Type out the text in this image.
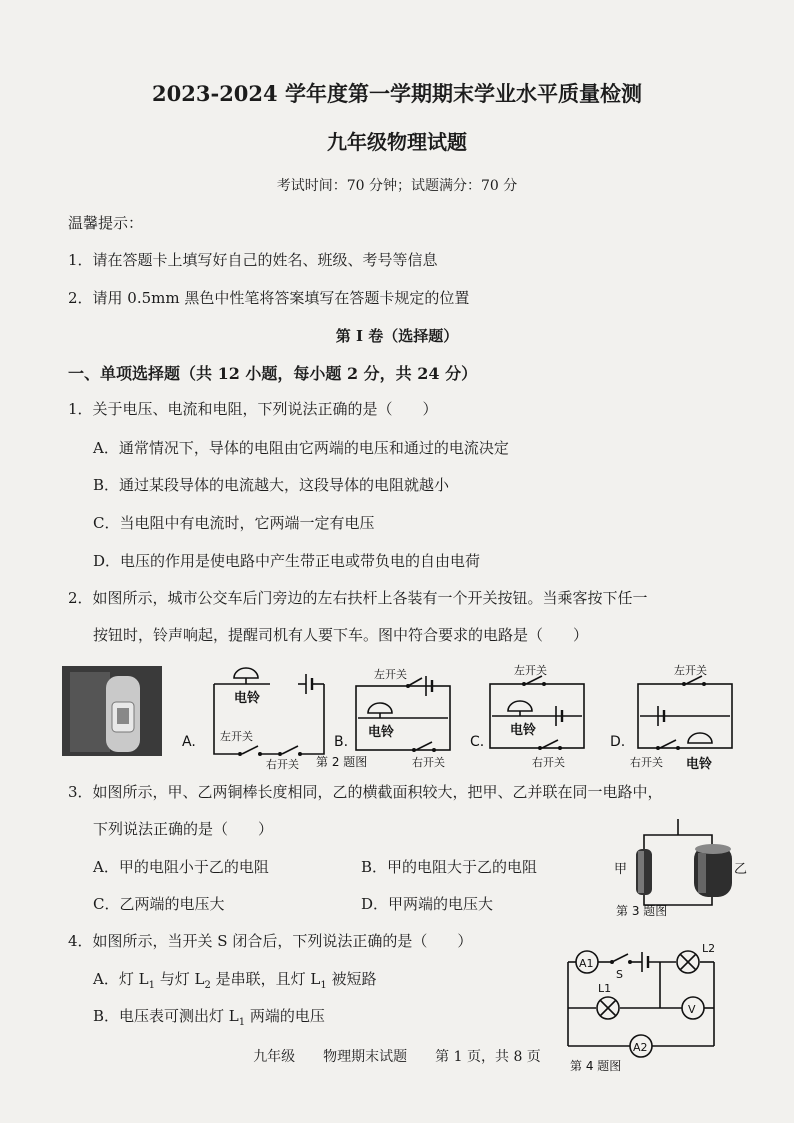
2023-2024 学年度第一学期期末学业水平质量检测
九年级物理试题
考试时间：70 分钟；试题满分：70 分
温馨提示：
1．请在答题卡上填写好自己的姓名、班级、考号等信息
2．请用 0.5mm 黑色中性笔将答案填写在答题卡规定的位置
第 I 卷（选择题）
一、单项选择题（共 12 小题，每小题 2 分，共 24 分）
1．关于电压、电流和电阻，下列说法正确的是（　　）
A．通常情况下，导体的电阻由它两端的电压和通过的电流决定
B．通过某段导体的电流越大，这段导体的电阻就越小
C．当电阻中有电流时，它两端一定有电压
D．电压的作用是使电路中产生带正电或带负电的自由电荷
2．如图所示，城市公交车后门旁边的左右扶杆上各装有一个开关按钮。当乘客按下任一
按钮时，铃声响起，提醒司机有人要下车。图中符合要求的电路是（　　）
A.
电铃
左开关
右开关
B.
左开关
电铃
第 2 题图	右开关
C.
左开关
电铃
右开关
D.
左开关
右开关 电铃
3．如图所示，甲、乙两铜棒长度相同，乙的横截面积较大，把甲、乙并联在同一电路中，
下列说法正确的是（　　）
A．甲的电阻小于乙的电阻	B．甲的电阻大于乙的电阻
C．乙两端的电压大	D．甲两端的电压大
甲	乙
第 3 题图
4．如图所示，当开关 S 闭合后，下列说法正确的是（　　）
A．灯 $L_1$ 与灯 $L_2$ 是串联，且灯 $L_1$ 被短路
B．电压表可测出灯 $L_1$ 两端的电压
A1
S
L2
L1
V
A2
第 4 题图
九年级　　物理期末试题　　第 1 页，共 8 页
